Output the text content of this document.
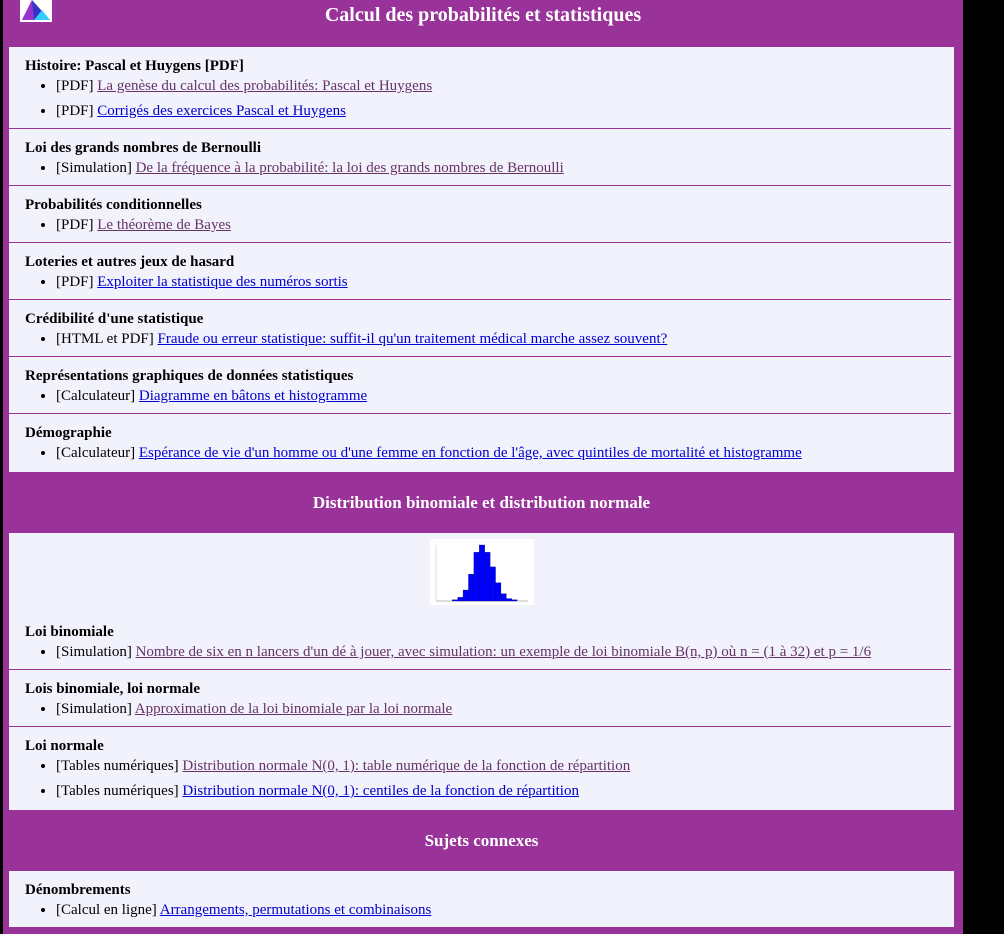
Calcul des probabilités et statistiques
Histoire: Pascal et Huygens [PDF]
• [PDF] La genèse du calcul des probabilités: Pascal et Huygens
• [PDF] Corrigés des exercices Pascal et Huygens
Loi des grands nombres de Bernoulli
• [Simulation] De la fréquence à la probabilité: la loi des grands nombres de Bernoulli
Probabilités conditionnelles
• [PDF] Le théorème de Bayes
Loteries et autres jeux de hasard
• [PDF] Exploiter la statistique des numéros sortis
Crédibilité d'une statistique
• [HTML et PDF] Fraude ou erreur statistique: suffit-il qu'un traitement médical marche assez souvent?
Représentations graphiques de données statistiques
• [Calculateur] Diagramme en bâtons et histogramme
Démographie
• [Calculateur] Espérance de vie d'un homme ou d'une femme en fonction de l'âge, avec quintiles de mortalité et histogramme
Distribution binomiale et distribution normale
Loi binomiale
• [Simulation] Nombre de six en n lancers d'un dé à jouer, avec simulation: un exemple de loi binomiale B(n, p) où n = (1 à 32) et p = 1/6
Lois binomiale, loi normale
• [Simulation] Approximation de la loi binomiale par la loi normale
Loi normale
• [Tables numériques] Distribution normale N(0, 1): table numérique de la fonction de répartition
• [Tables numériques] Distribution normale N(0, 1): centiles de la fonction de répartition
Sujets connexes
Dénombrements
• [Calcul en ligne] Arrangements, permutations et combinaisons
